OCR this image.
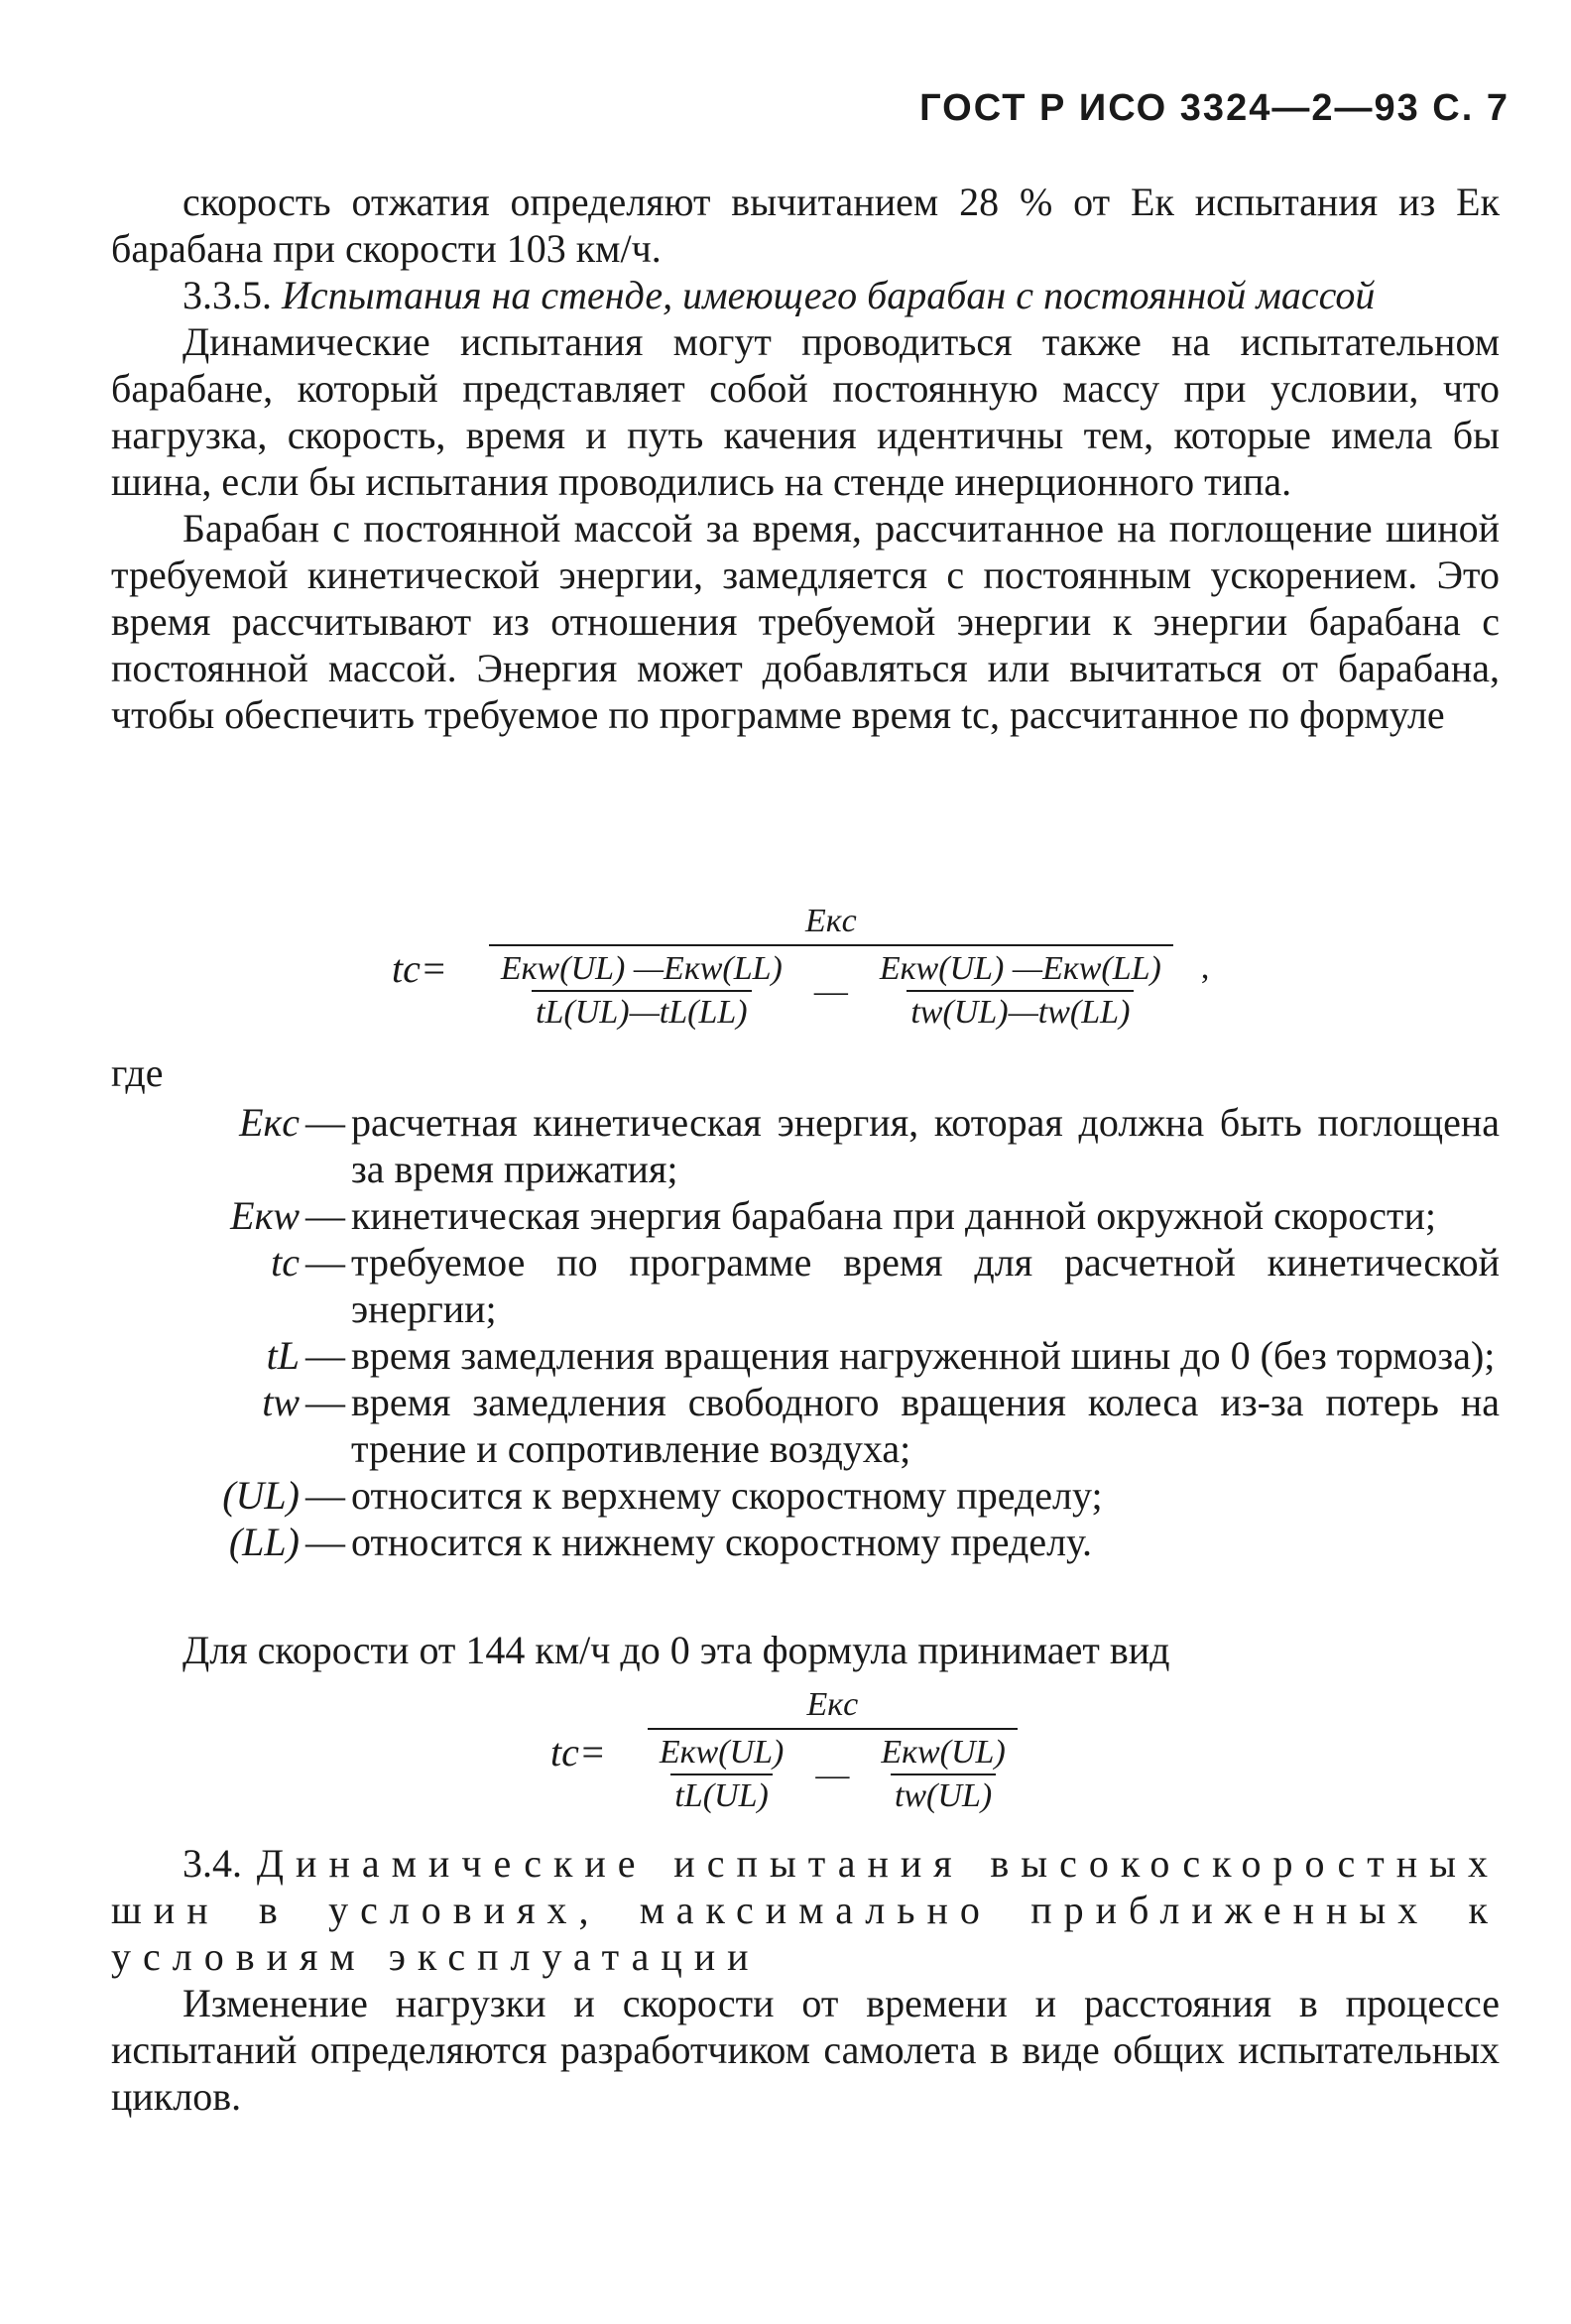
ГОСТ Р ИСО 3324—2—93 С. 7

скорость отжатия определяют вычитанием 28 % от Eк испытания из Eк барабана при скорости 103 км/ч.

3.3.5. Испытания на стенде, имеющего барабан с постоянной массой

Динамические испытания могут проводиться также на испытательном барабане, который представляет собой постоянную массу при условии, что нагрузка, скорость, время и путь качения идентичны тем, которые имела бы шина, если бы испытания проводились на стенде инерционного типа.

Барабан с постоянной массой за время, рассчитанное на поглощение шиной требуемой кинетической энергии, замедляется с постоянным ускорением. Это время рассчитывают из отношения требуемой энергии к энергии барабана с постоянной массой. Энергия может добавляться или вычитаться от барабана, чтобы обеспечить требуемое по программе время tc, рассчитанное по формуле

tc=
Eкc
$\frac{\text{Eкw(UL) —Eкw(LL)}}{tL(UL)—tL(LL)}$ — $\frac{\text{Eкw(UL) —Eкw(LL)}}{tw(UL)—tw(LL)}$ ,
где
Eкc — расчетная кинетическая энергия, которая должна быть поглощена за время прижатия;
Eкw — кинетическая энергия барабана при данной окружной скорости;
tc — требуемое по программе время для расчетной кинетической энергии;
tL — время замедления вращения нагруженной шины до 0 (без тормоза);
tw — время замедления свободного вращения колеса из-за потерь на трение и сопротивление воздуха;
(UL) — относится к верхнему скоростному пределу;
(LL) — относится к нижнему скоростному пределу.

Для скорости от 144 км/ч до 0 эта формула принимает вид

tc=
Eкc
$\frac{\text{Eкw(UL)}}{tL(UL)}$ — $\frac{\text{Eкw(UL)}}{tw(UL)}$

3.4. Динамические испытания высокоскоростных шин в условиях, максимально приближенных к условиям эксплуатации

Изменение нагрузки и скорости от времени и расстояния в процессе испытаний определяются разработчиком самолета в виде общих испытательных циклов.
